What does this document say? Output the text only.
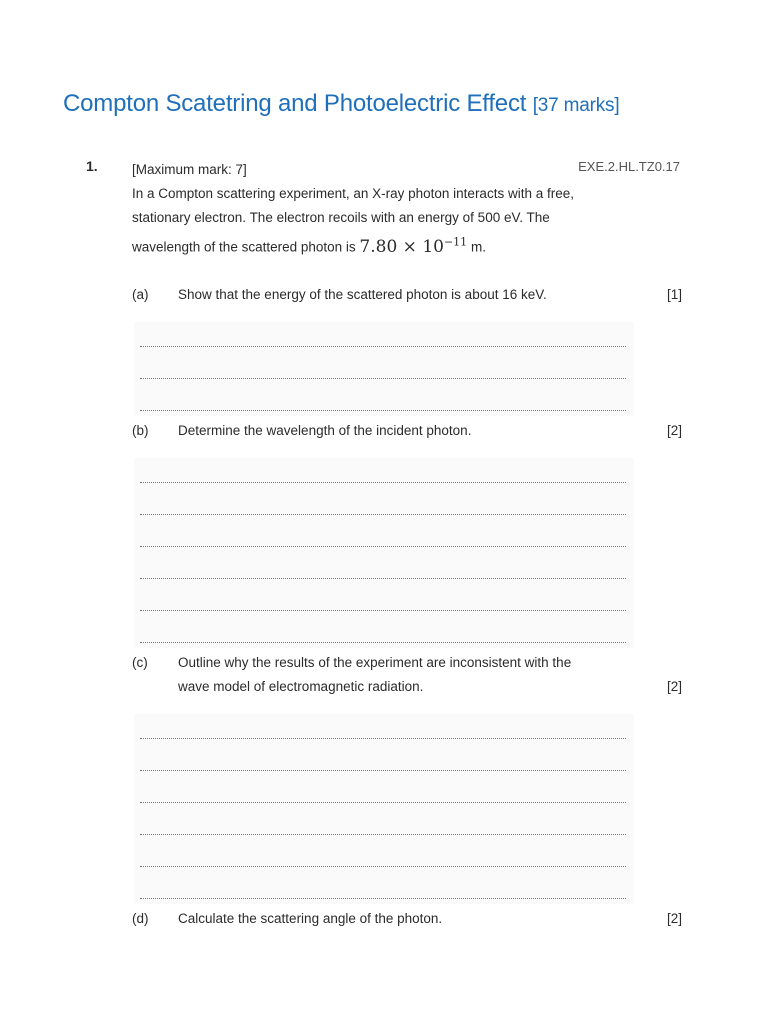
Compton Scatetring and Photoelectric Effect [37 marks]
1.	EXE.2.HL.TZ0.17
[Maximum mark: 7]
In a Compton scattering experiment, an X-ray photon interacts with a free, stationary electron. The electron recoils with an energy of 500 eV. The wavelength of the scattered photon is $7.80 \times 10^{-11}$ m.
(a) Show that the energy of the scattered photon is about 16 keV.	[1]
(b) Determine the wavelength of the incident photon.	[2]
(c) Outline why the results of the experiment are inconsistent with the wave model of electromagnetic radiation.	[2]
(d) Calculate the scattering angle of the photon.	[2]
